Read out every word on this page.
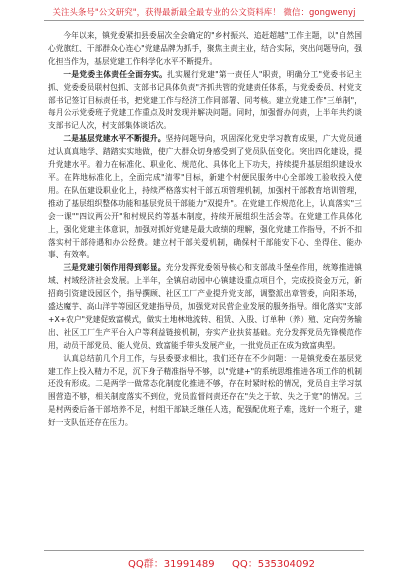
关注头条号"公文研究"，获得最新最全最专业的公文资料库！ 微信：gongwenyj

今年以来，镇党委紧扣县委届次全会确定的"乡村振兴、追赶超越"工作主题，以"自然国心党旗红、干部群众心连心"党建品牌为抓手，聚焦主责主业，结合实际，突出问题导向，强化担当作为，基层党建工作科学化水平不断提升。

一是党委主体责任全面夯实。扎实履行党建"第一责任人"职责，明确分工"党委书记主抓、党委委员联村包抓、支部书记具体负责"齐抓共管的党建责任体系，与党委委员、村党支部书记签订目标责任书，把党建工作与经济工作同部署、同考核。建立党建工作"三单制"，每月公示党委班子党建工作重点及时发现并解决问题。同时，加强督办问责，上半年共约谈支部书记人次，村支部集体谈话次。

二是基层党建水平不断提升。坚持问题导向，巩固深化党史学习教育成果，广大党员通过认真真地学、踏踏实实地做，使广大群众切身感受到了党员队伍变化。突出四化建设，提升党建水平。着力在标准化、职业化、规范化、具体化上下功夫，持续提升基层组织建设水平。在阵地标准化上，全面完成"清零"目标，新建个村便民服务中心全部竣工验收投入使用。在队伍建设职业化上，持续严格落实村干部五项管理机制，加强村干部教育培训管理，推动了基层组织整体功能和基层党员干部能力"双提升"。在党建工作规范化上，认真落实"三会一课""四议两公开"和村规民约等基本制度，持续开展组织生活会等。在党建工作具体化上，强化党建主体意识，加强对抓好党建是最大政绩的理解，强化党建工作指导，不折不扣落实村干部待遇和办公经费。建立村干部关爱机制，确保村干部能安下心、坐得住、能办事、有效率。

三是党建引领作用得到彰显。充分发挥党委领导核心和支部战斗堡垒作用，统筹推进镇域、村域经济社会发展。上半年，全镇启动园中心镇建设重点项目个，完成投资金万元，新招商引资建设园区个，指导撰顾、社区工厂产业提升党支部，调整派出章管委，向阳茶场，盛达魔芋、高山洋芋等园区党建指导员，加强党对民营企业发展的服务指导。细化落实"支部+X+农户"党建促致富模式，做实土地林地流转、租赁、入股、订单种（养）殖、定向劳务输出、社区工厂生产平台入户等利益链接机制，夯实产业扶贫基础。充分发挥党员先锋模范作用，动员干部党员、能人党员、致富能手带头发展产业，一批党员正在成为致富典型。

认真总结前几个月工作，与县委要求相比，我们还存在不少问题：一是镇党委在基层党建工作上投入精力不足，沉下身子精准指导不够，以"党建+"的系统思维推进各项工作的机制还没有形成。二是两学一做常态化制度化推进不够，存在时紧时松的情况，党员自主学习氛围营造不够，相关制度落实不到位，党员监督问责还存在"失之于软、失之于宽"的情况。三是村两委后备干部培养不足，村组干部缺乏继任人选，配强配优班子难，选好一个班子，建好一支队伍还存在压力。

QQ群：31991489 QQ：535304092
